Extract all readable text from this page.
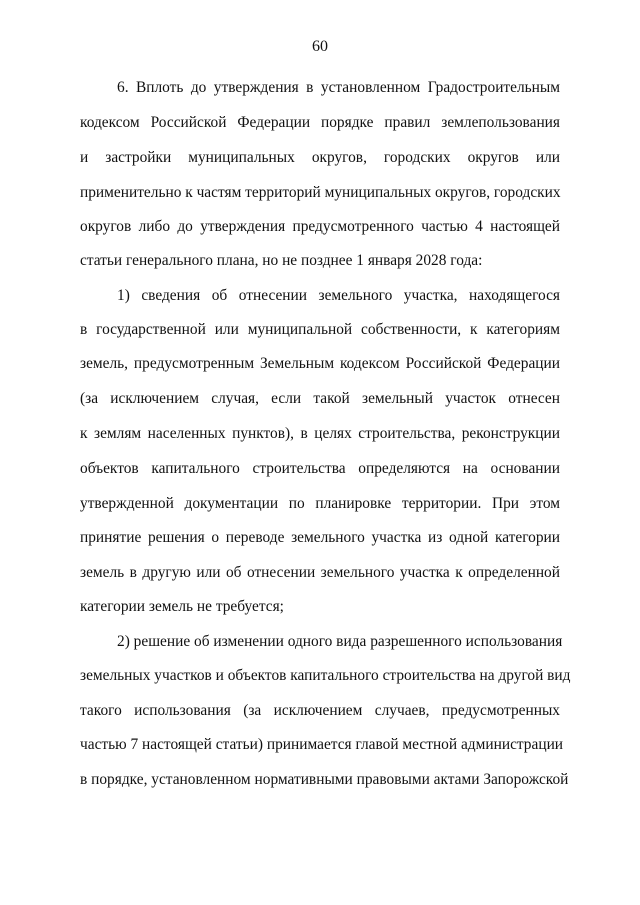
60
6. Вплоть до утверждения в установленном Градостроительным
кодексом Российской Федерации порядке правил землепользования
и застройки муниципальных округов, городских округов или
применительно к частям территорий муниципальных округов, городских
округов либо до утверждения предусмотренного частью 4 настоящей
статьи генерального плана, но не позднее 1 января 2028 года:
1) сведения об отнесении земельного участка, находящегося
в государственной или муниципальной собственности, к категориям
земель, предусмотренным Земельным кодексом Российской Федерации
(за исключением случая, если такой земельный участок отнесен
к землям населенных пунктов), в целях строительства, реконструкции
объектов капитального строительства определяются на основании
утвержденной документации по планировке территории. При этом
принятие решения о переводе земельного участка из одной категории
земель в другую или об отнесении земельного участка к определенной
категории земель не требуется;
2) решение об изменении одного вида разрешенного использования
земельных участков и объектов капитального строительства на другой вид
такого использования (за исключением случаев, предусмотренных
частью 7 настоящей статьи) принимается главой местной администрации
в порядке, установленном нормативными правовыми актами Запорожской
